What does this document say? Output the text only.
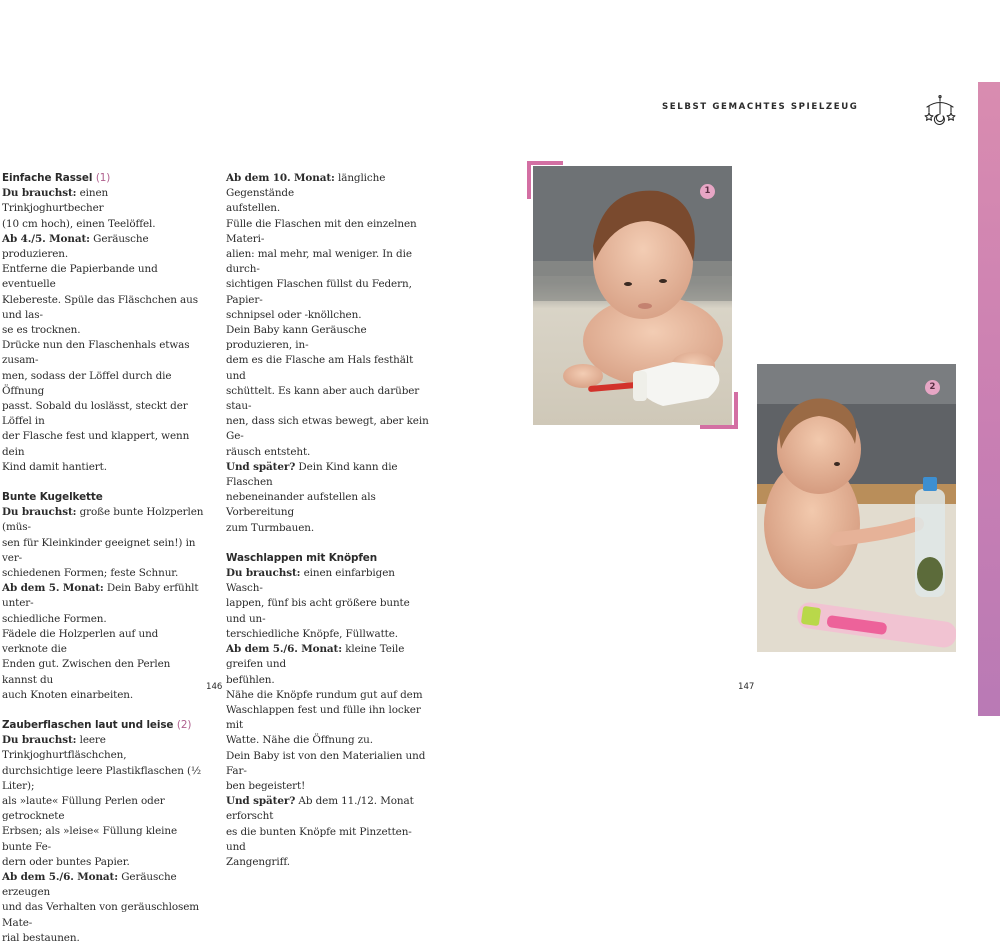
SELBST GEMACHTES SPIELZEUG

Einfache Rassel (1)

Du brauchst: einen Trinkjoghurtbecher

(10 cm hoch), einen Teelöffel.

Ab 4./5. Monat: Geräusche produzieren.

Entferne die Papierbande und eventuelle

Klebereste. Spüle das Fläschchen aus und las-

se es trocknen.

Drücke nun den Flaschenhals etwas zusam-

men, sodass der Löffel durch die Öffnung

passt. Sobald du loslässt, steckt der Löffel in

der Flasche fest und klappert, wenn dein

Kind damit hantiert.

Bunte Kugelkette

Du brauchst: große bunte Holzperlen (müs-

sen für Kleinkinder geeignet sein!) in ver-

schiedenen Formen; feste Schnur.

Ab dem 5. Monat: Dein Baby erfühlt unter-

schiedliche Formen.

Fädele die Holzperlen auf und verknote die

Enden gut. Zwischen den Perlen kannst du

auch Knoten einarbeiten.

Zauberflaschen laut und leise (2)

Du brauchst: leere Trinkjoghurtfläschchen,

durchsichtige leere Plastikflaschen (½ Liter);

als »laute« Füllung Perlen oder getrocknete

Erbsen; als »leise« Füllung kleine bunte Fe-

dern oder buntes Papier.

Ab dem 5./6. Monat: Geräusche erzeugen

und das Verhalten von geräuschlosem Mate-

rial bestaunen.

Ab dem 10. Monat: längliche Gegenstände

aufstellen.

Fülle die Flaschen mit den einzelnen Materi-

alien: mal mehr, mal weniger. In die durch-

sichtigen Flaschen füllst du Federn, Papier-

schnipsel oder -knöllchen.

Dein Baby kann Geräusche produzieren, in-

dem es die Flasche am Hals festhält und

schüttelt. Es kann aber auch darüber stau-

nen, dass sich etwas bewegt, aber kein Ge-

räusch entsteht.

Und später? Dein Kind kann die Flaschen

nebeneinander aufstellen als Vorbereitung

zum Turmbauen.

Waschlappen mit Knöpfen

Du brauchst: einen einfarbigen Wasch-

lappen, fünf bis acht größere bunte und un-

terschiedliche Knöpfe, Füllwatte.

Ab dem 5./6. Monat: kleine Teile greifen und

befühlen.

Nähe die Knöpfe rundum gut auf dem

Waschlappen fest und fülle ihn locker mit

Watte. Nähe die Öffnung zu.

Dein Baby ist von den Materialien und Far-

ben begeistert!

Und später? Ab dem 11./12. Monat erforscht

es die bunten Knöpfe mit Pinzetten- und

Zangengriff.

1
2
146	147
